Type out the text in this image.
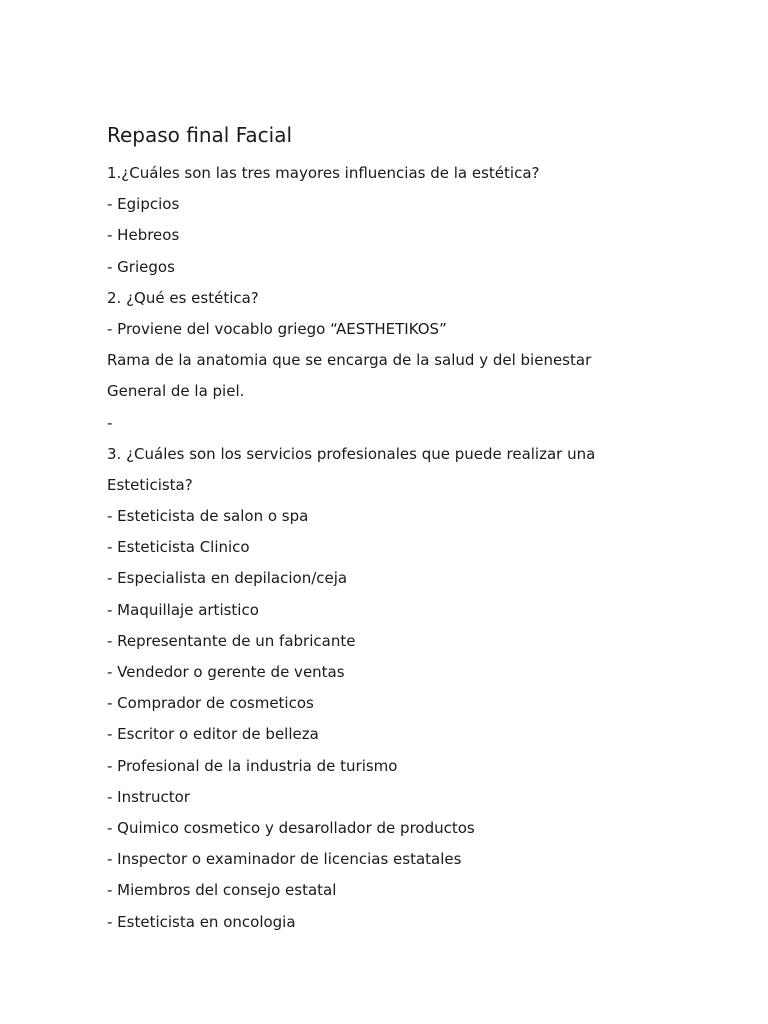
Repaso final Facial
1.¿Cuáles son las tres mayores influencias de la estética?
- Egipcios
- Hebreos
- Griegos
2. ¿Qué es estética?
- Proviene del vocablo griego “AESTHETIKOS”
Rama de la anatomia que se encarga de la salud y del bienestar
General de la piel.
-
3. ¿Cuáles son los servicios profesionales que puede realizar una
Esteticista?
- Esteticista de salon o spa
- Esteticista Clinico
- Especialista en depilacion/ceja
- Maquillaje artistico
- Representante de un fabricante
- Vendedor o gerente de ventas
- Comprador de cosmeticos
- Escritor o editor de belleza
- Profesional de la industria de turismo
- Instructor
- Quimico cosmetico y desarollador de productos
- Inspector o examinador de licencias estatales
- Miembros del consejo estatal
- Esteticista en oncologia
